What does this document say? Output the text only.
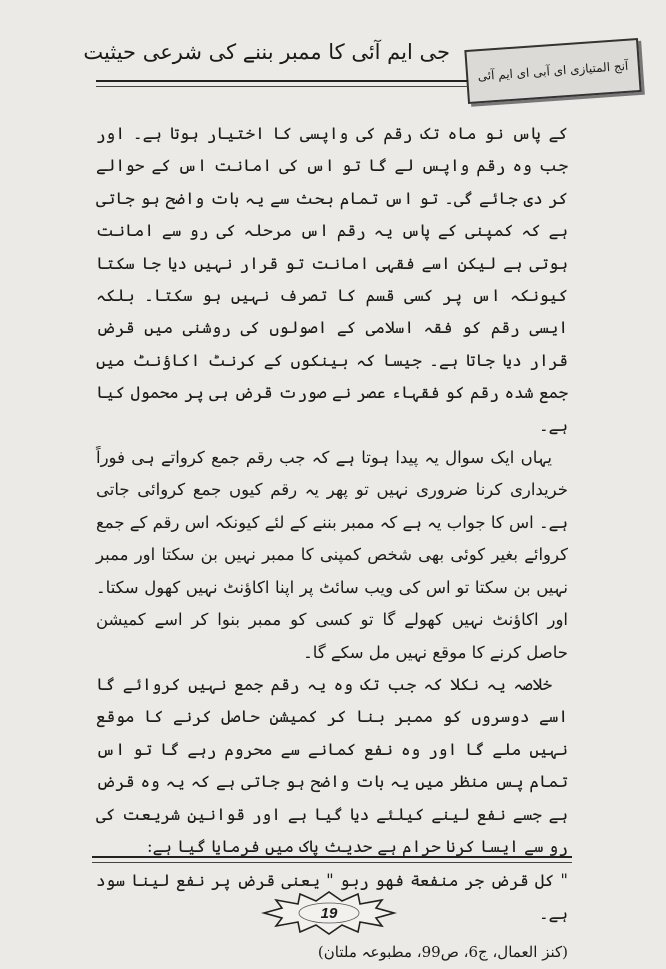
آنج المتیازی ای آبی ای ایم آئی
جی ایم آئی کا ممبر بننے کی شرعی حیثیت

کے پاس نو ماہ تک رقم کی واپسی کا اختیار ہوتا ہے۔ اور جب وہ رقم واپس لے گا تو اس کی امانت اس کے حوالے کر دی جائے گی۔ تو اس تمام بحث سے یہ بات واضح ہو جاتی ہے کہ کمپنی کے پاس یہ رقم اس مرحلہ کی رو سے امانت ہوتی ہے لیکن اسے فقہی امانت تو قرار نہیں دیا جا سکتا کیونکہ اس پر کسی قسم کا تصرف نہیں ہو سکتا۔ بلکہ ایسی رقم کو فقہ اسلامی کے اصولوں کی روشنی میں قرض قرار دیا جاتا ہے۔ جیسا کہ بینکوں کے کرنٹ اکاؤنٹ میں جمع شدہ رقم کو فقہاء عصر نے صورت قرض ہی پر محمول کیا ہے۔

یہاں ایک سوال یہ پیدا ہوتا ہے کہ جب رقم جمع کرواتے ہی فوراً خریداری کرنا ضروری نہیں تو پھر یہ رقم کیوں جمع کروائی جاتی ہے۔ اس کا جواب یہ ہے کہ ممبر بننے کے لئے کیونکہ اس رقم کے جمع کروائے بغیر کوئی بھی شخص کمپنی کا ممبر نہیں بن سکتا اور ممبر نہیں بن سکتا تو اس کی ویب سائٹ پر اپنا اکاؤنٹ نہیں کھول سکتا۔ اور اکاؤنٹ نہیں کھولے گا تو کسی کو ممبر بنوا کر اسے کمیشن حاصل کرنے کا موقع نہیں مل سکے گا۔

خلاصہ یہ نکلا کہ جب تک وہ یہ رقم جمع نہیں کروائے گا اسے دوسروں کو ممبر بنا کر کمیشن حاصل کرنے کا موقع نہیں ملے گا اور وہ نفع کمانے سے محروم رہے گا تو اس تمام پس منظر میں یہ بات واضح ہو جاتی ہے کہ یہ وہ قرض ہے جسے نفع لینے کیلئے دیا گیا ہے اور قوانین شریعت کی رو سے ایسا کرنا حرام ہے حدیث پاک میں فرمایا گیا ہے:

" کل قرض جر منفعة فهو ربو " یعنی قرض پر نفع لینا سود ہے۔

(کنز العمال، ج6، ص99، مطبوعہ ملتان)

19
